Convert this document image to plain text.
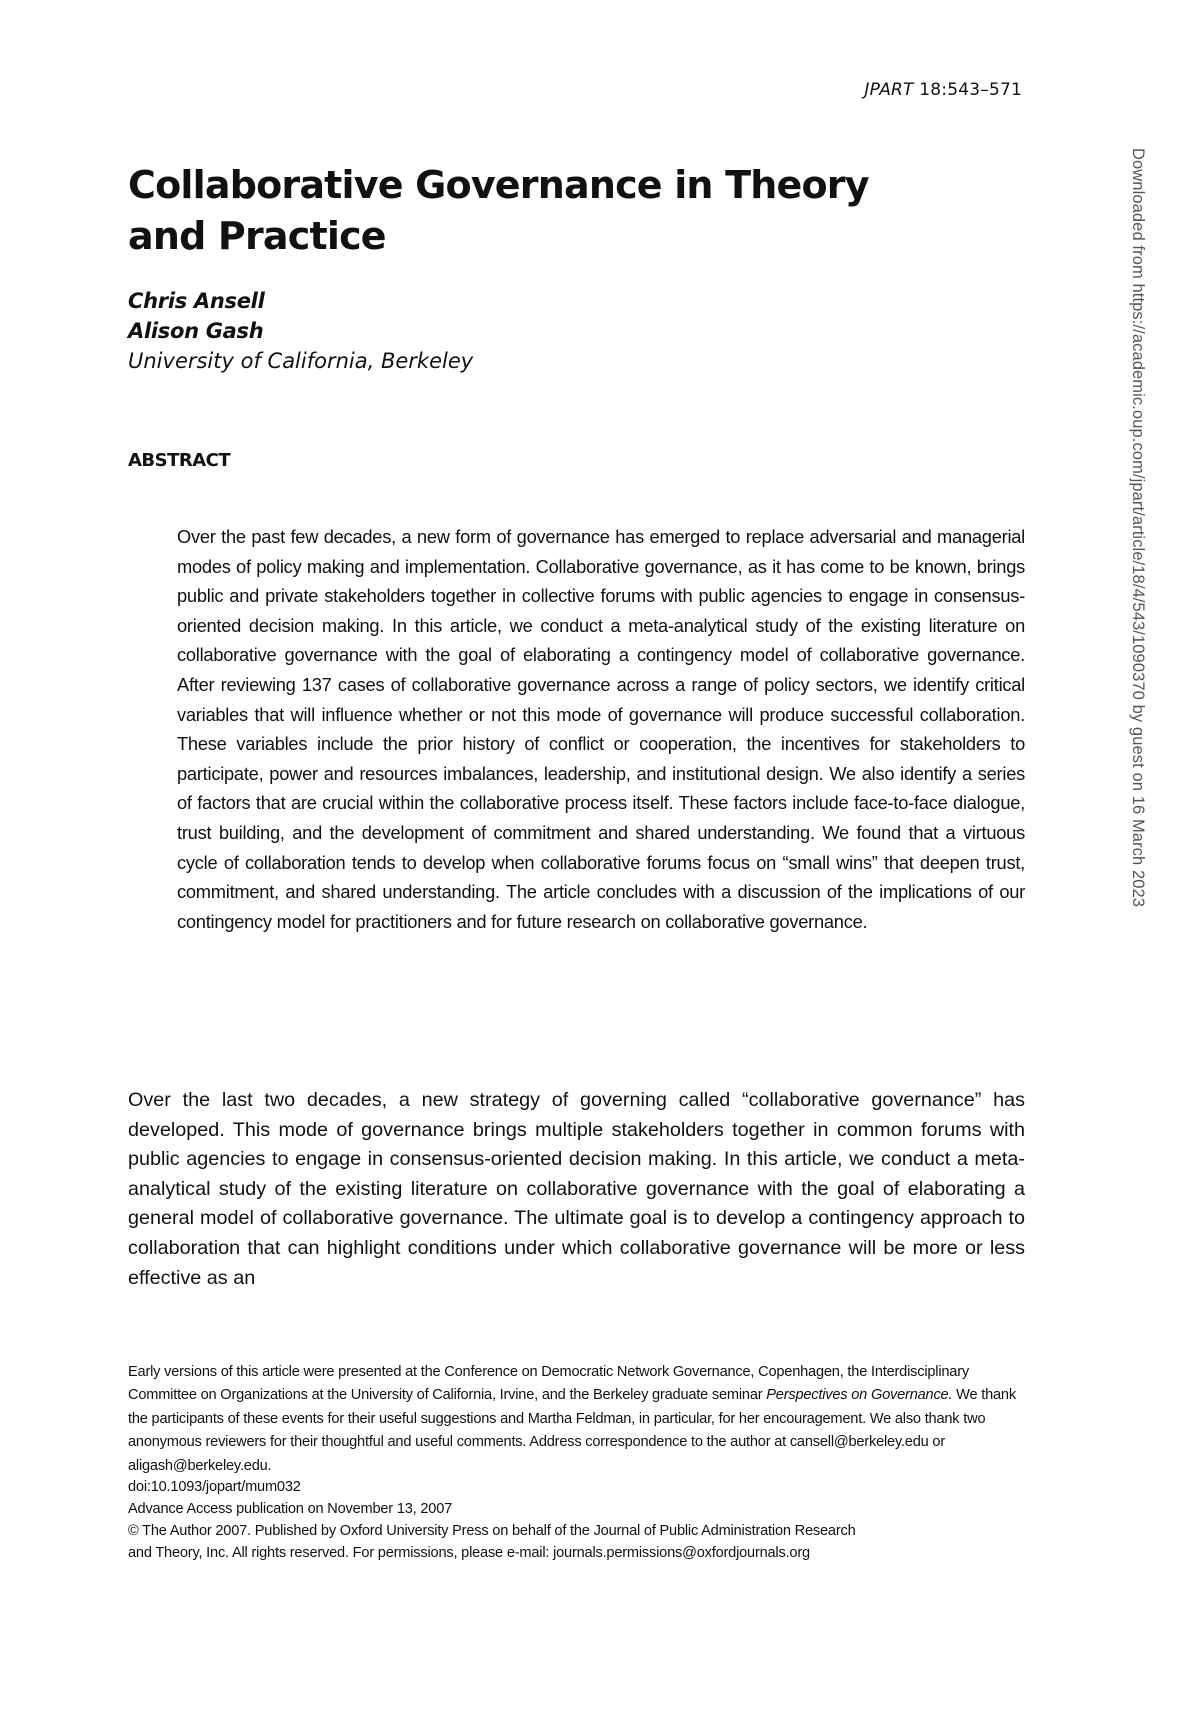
JPART 18:543–571
Collaborative Governance in Theory and Practice
Chris Ansell
Alison Gash
University of California, Berkeley
ABSTRACT

Over the past few decades, a new form of governance has emerged to replace adversarial and managerial modes of policy making and implementation. Collaborative governance, as it has come to be known, brings public and private stakeholders together in collective forums with public agencies to engage in consensus-oriented decision making. In this article, we conduct a meta-analytical study of the existing literature on collaborative governance with the goal of elaborating a contingency model of collaborative governance. After reviewing 137 cases of collaborative governance across a range of policy sectors, we identify critical variables that will influence whether or not this mode of governance will produce successful collaboration. These variables include the prior history of conflict or cooperation, the incentives for stakeholders to participate, power and resources imbalances, leadership, and institutional design. We also identify a series of factors that are crucial within the collaborative process itself. These factors include face-to-face dialogue, trust building, and the development of commitment and shared understanding. We found that a virtuous cycle of collaboration tends to develop when collaborative forums focus on “small wins” that deepen trust, commitment, and shared understanding. The article concludes with a discussion of the implications of our contingency model for practitioners and for future research on collaborative governance.

Over the last two decades, a new strategy of governing called “collaborative governance” has developed. This mode of governance brings multiple stakeholders together in common forums with public agencies to engage in consensus-oriented decision making. In this article, we conduct a meta-analytical study of the existing literature on collaborative governance with the goal of elaborating a general model of collaborative governance. The ultimate goal is to develop a contingency approach to collaboration that can highlight conditions under which collaborative governance will be more or less effective as an

Early versions of this article were presented at the Conference on Democratic Network Governance, Copenhagen, the Interdisciplinary Committee on Organizations at the University of California, Irvine, and the Berkeley graduate seminar Perspectives on Governance. We thank the participants of these events for their useful suggestions and Martha Feldman, in particular, for her encouragement. We also thank two anonymous reviewers for their thoughtful and useful comments. Address correspondence to the author at cansell@berkeley.edu or aligash@berkeley.edu.

doi:10.1093/jopart/mum032
Advance Access publication on November 13, 2007
© The Author 2007. Published by Oxford University Press on behalf of the Journal of Public Administration Research
and Theory, Inc. All rights reserved. For permissions, please e-mail: journals.permissions@oxfordjournals.org
Downloaded from https://academic.oup.com/jpart/article/18/4/543/1090370 by guest on 16 March 2023
